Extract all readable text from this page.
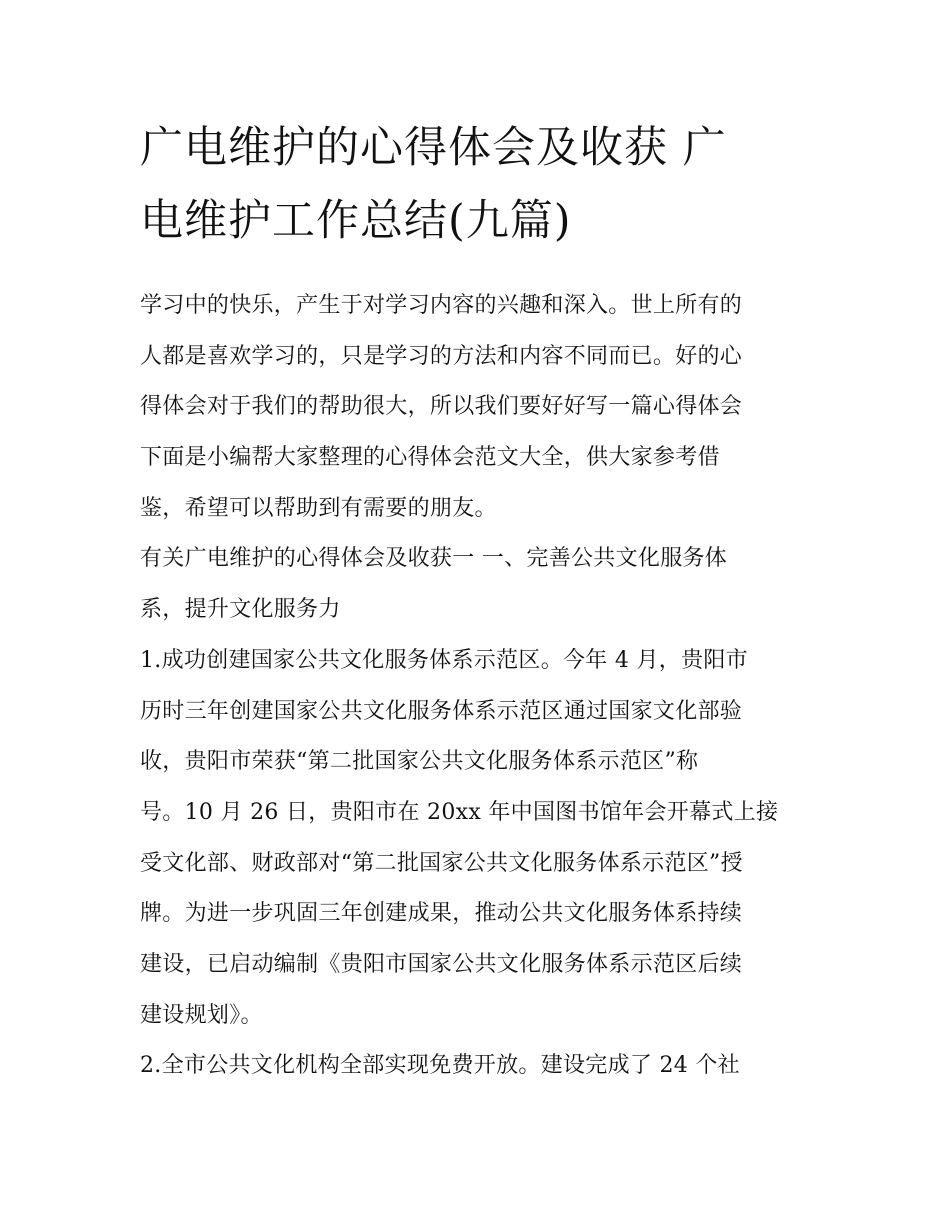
广电维护的心得体会及收获 广
电维护工作总结(九篇)
学习中的快乐，产生于对学习内容的兴趣和深入。世上所有的
人都是喜欢学习的，只是学习的方法和内容不同而已。好的心
得体会对于我们的帮助很大，所以我们要好好写一篇心得体会
下面是小编帮大家整理的心得体会范文大全，供大家参考借
鉴，希望可以帮助到有需要的朋友。
有关广电维护的心得体会及收获一 一、完善公共文化服务体
系，提升文化服务力
1.成功创建国家公共文化服务体系示范区。今年 4 月，贵阳市
历时三年创建国家公共文化服务体系示范区通过国家文化部验
收，贵阳市荣获“第二批国家公共文化服务体系示范区”称
号。10 月 26 日，贵阳市在 20xx 年中国图书馆年会开幕式上接
受文化部、财政部对“第二批国家公共文化服务体系示范区”授
牌。为进一步巩固三年创建成果，推动公共文化服务体系持续
建设，已启动编制《贵阳市国家公共文化服务体系示范区后续
建设规划》。
2.全市公共文化机构全部实现免费开放。建设完成了 24 个社
